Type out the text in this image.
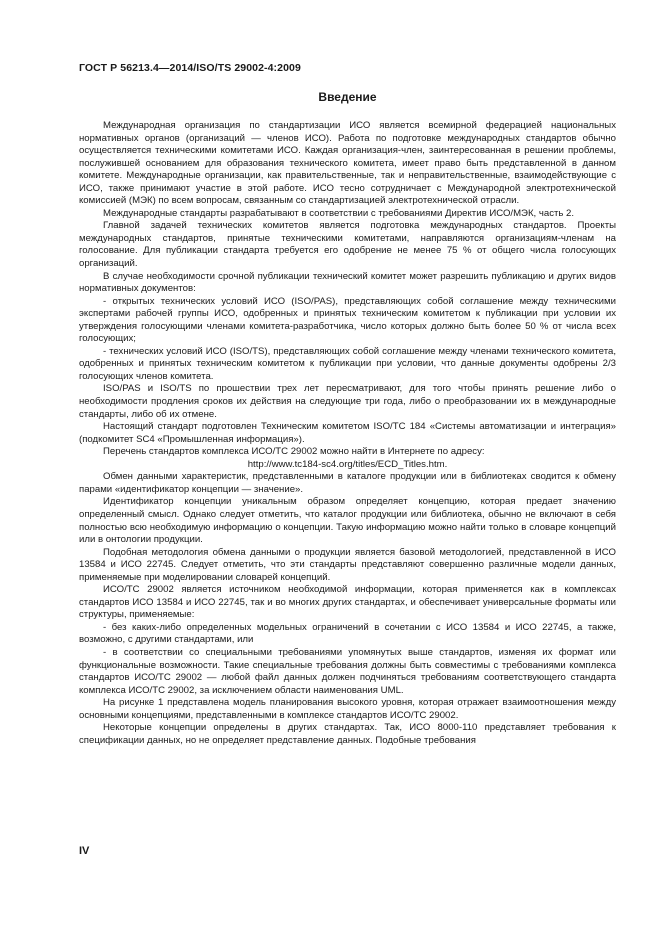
ГОСТ Р 56213.4—2014/ISO/TS 29002-4:2009
Введение

Международная организация по стандартизации ИСО является всемирной федерацией национальных нормативных органов (организаций — членов ИСО). Работа по подготовке международных стандартов обычно осуществляется техническими комитетами ИСО. Каждая организация-член, заинтересованная в решении проблемы, послужившей основанием для образования технического комитета, имеет право быть представленной в данном комитете. Международные организации, как правительственные, так и неправительственные, взаимодействующие с ИСО, также принимают участие в этой работе. ИСО тесно сотрудничает с Международной электротехнической комиссией (МЭК) по всем вопросам, связанным со стандартизацией электротехнической отрасли.

Международные стандарты разрабатывают в соответствии с требованиями Директив ИСО/МЭК, часть 2.

Главной задачей технических комитетов является подготовка международных стандартов. Проекты международных стандартов, принятые техническими комитетами, направляются организациям-членам на голосование. Для публикации стандарта требуется его одобрение не менее 75 % от общего числа голосующих организаций.

В случае необходимости срочной публикации технический комитет может разрешить публикацию и других видов нормативных документов:

- открытых технических условий ИСО (ISO/PAS), представляющих собой соглашение между техническими экспертами рабочей группы ИСО, одобренных и принятых техническим комитетом к публикации при условии их утверждения голосующими членами комитета-разработчика, число которых должно быть более 50 % от числа всех голосующих;

- технических условий ИСО (ISO/TS), представляющих собой соглашение между членами технического комитета, одобренных и принятых техническим комитетом к публикации при условии, что данные документы одобрены 2/3 голосующих членов комитета.

ISO/PAS и ISO/TS по прошествии трех лет пересматривают, для того чтобы принять решение либо о необходимости продления сроков их действия на следующие три года, либо о преобразовании их в международные стандарты, либо об их отмене.

Настоящий стандарт подготовлен Техническим комитетом ISO/TC 184 «Системы автоматизации и интеграция» (подкомитет SC4 «Промышленная информация»).

Перечень стандартов комплекса ИСО/ТС 29002 можно найти в Интернете по адресу:

http://www.tc184-sc4.org/titles/ECD_Titles.htm.

Обмен данными характеристик, представленными в каталоге продукции или в библиотеках сводится к обмену парами «идентификатор концепции — значение».

Идентификатор концепции уникальным образом определяет концепцию, которая предает значению определенный смысл. Однако следует отметить, что каталог продукции или библиотека, обычно не включают в себя полностью всю необходимую информацию о концепции. Такую информацию можно найти только в словаре концепций или в онтологии продукции.

Подобная методология обмена данными о продукции является базовой методологией, представленной в ИСО 13584 и ИСО 22745. Следует отметить, что эти стандарты представляют совершенно различные модели данных, применяемые при моделировании словарей концепций.

ИСО/ТС 29002 является источником необходимой информации, которая применяется как в комплексах стандартов ИСО 13584 и ИСО 22745, так и во многих других стандартах, и обеспечивает универсальные форматы или структуры, применяемые:

- без каких-либо определенных модельных ограничений в сочетании с ИСО 13584 и ИСО 22745, а также, возможно, с другими стандартами, или

- в соответствии со специальными требованиями упомянутых выше стандартов, изменяя их формат или функциональные возможности. Такие специальные требования должны быть совместимы с требованиями комплекса стандартов ИСО/ТС 29002 — любой файл данных должен подчиняться требованиям соответствующего стандарта комплекса ИСО/ТС 29002, за исключением области наименования UML.

На рисунке 1 представлена модель планирования высокого уровня, которая отражает взаимоотношения между основными концепциями, представленными в комплексе стандартов ИСО/ТС 29002.

Некоторые концепции определены в других стандартах. Так, ИСО 8000-110 представляет требования к спецификации данных, но не определяет представление данных. Подобные требования

IV
